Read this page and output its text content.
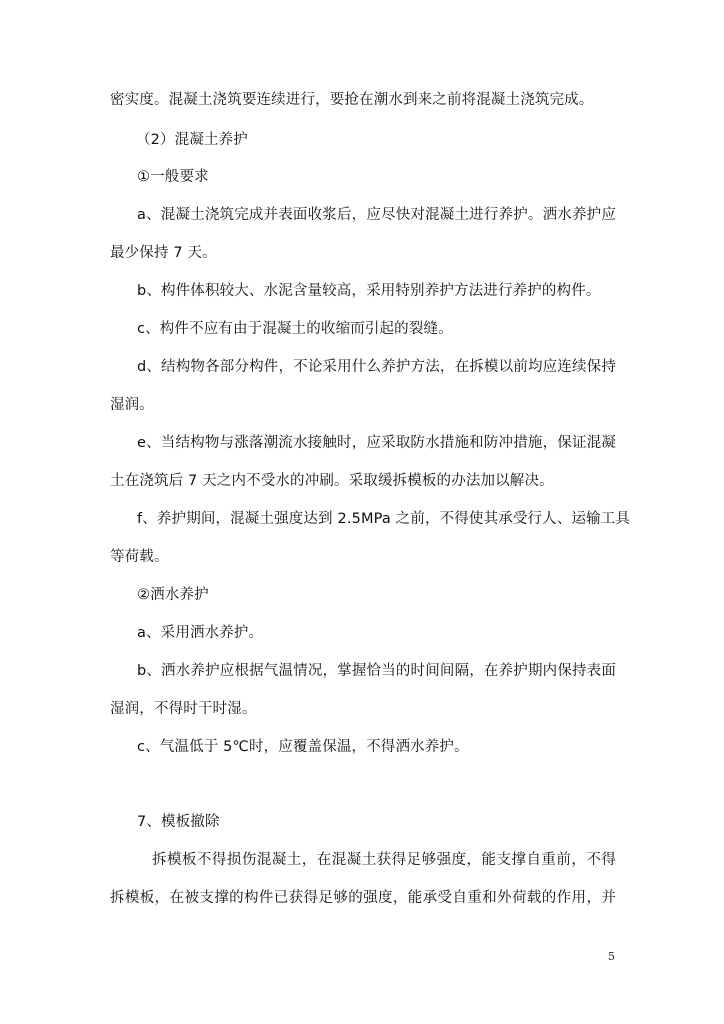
密实度。混凝土浇筑要连续进行，要抢在潮水到来之前将混凝土浇筑完成。
（2）混凝土养护
①一般要求
a、混凝土浇筑完成并表面收浆后，应尽快对混凝土进行养护。洒水养护应
最少保持 7 天。
b、构件体积较大、水泥含量较高，采用特别养护方法进行养护的构件。
c、构件不应有由于混凝土的收缩而引起的裂缝。
d、结构物各部分构件，不论采用什么养护方法，在拆模以前均应连续保持
湿润。
e、当结构物与涨落潮流水接触时，应采取防水措施和防冲措施，保证混凝
土在浇筑后 7 天之内不受水的冲刷。采取缓拆模板的办法加以解决。
f、养护期间，混凝土强度达到 2.5MPa 之前，不得使其承受行人、运输工具
等荷载。
②洒水养护
a、采用洒水养护。
b、洒水养护应根据气温情况，掌握恰当的时间间隔，在养护期内保持表面
湿润，不得时干时湿。
c、气温低于 5℃时，应覆盖保温，不得洒水养护。
7、模板撤除
拆模板不得损伤混凝土，在混凝土获得足够强度，能支撑自重前，不得
拆模板，在被支撑的构件已获得足够的强度，能承受自重和外荷载的作用，并
5
